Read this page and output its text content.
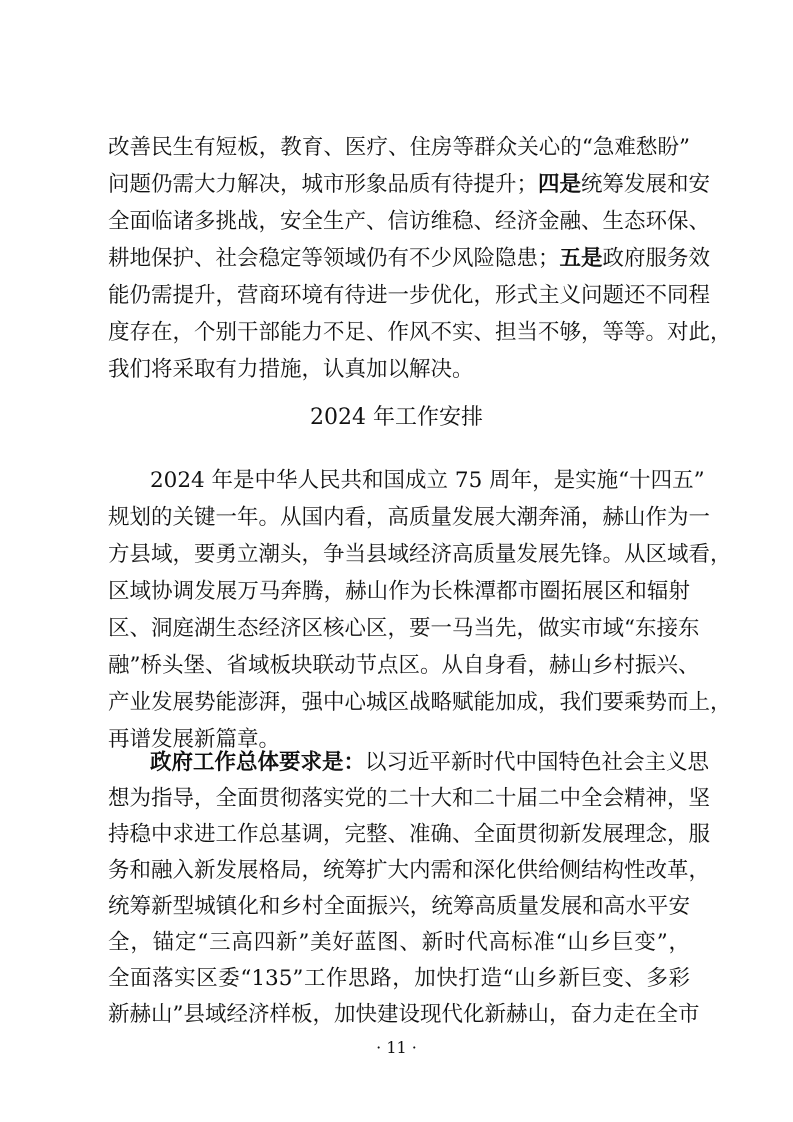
改善民生有短板，教育、医疗、住房等群众关心的“急难愁盼”
问题仍需大力解决，城市形象品质有待提升；四是统筹发展和安
全面临诸多挑战，安全生产、信访维稳、经济金融、生态环保、
耕地保护、社会稳定等领域仍有不少风险隐患；五是政府服务效
能仍需提升，营商环境有待进一步优化，形式主义问题还不同程
度存在，个别干部能力不足、作风不实、担当不够，等等。对此，
我们将采取有力措施，认真加以解决。
2024 年工作安排
2024 年是中华人民共和国成立 75 周年，是实施“十四五”
规划的关键一年。从国内看，高质量发展大潮奔涌，赫山作为一
方县域，要勇立潮头，争当县域经济高质量发展先锋。从区域看，
区域协调发展万马奔腾，赫山作为长株潭都市圈拓展区和辐射
区、洞庭湖生态经济区核心区，要一马当先，做实市域“东接东
融”桥头堡、省域板块联动节点区。从自身看，赫山乡村振兴、
产业发展势能澎湃，强中心城区战略赋能加成，我们要乘势而上，
再谱发展新篇章。
政府工作总体要求是：以习近平新时代中国特色社会主义思
想为指导，全面贯彻落实党的二十大和二十届二中全会精神，坚
持稳中求进工作总基调，完整、准确、全面贯彻新发展理念，服
务和融入新发展格局，统筹扩大内需和深化供给侧结构性改革，
统筹新型城镇化和乡村全面振兴，统筹高质量发展和高水平安
全，锚定“三高四新”美好蓝图、新时代高标准“山乡巨变”，
全面落实区委“135”工作思路，加快打造“山乡新巨变、多彩
新赫山”县域经济样板，加快建设现代化新赫山，奋力走在全市
· 11 ·
